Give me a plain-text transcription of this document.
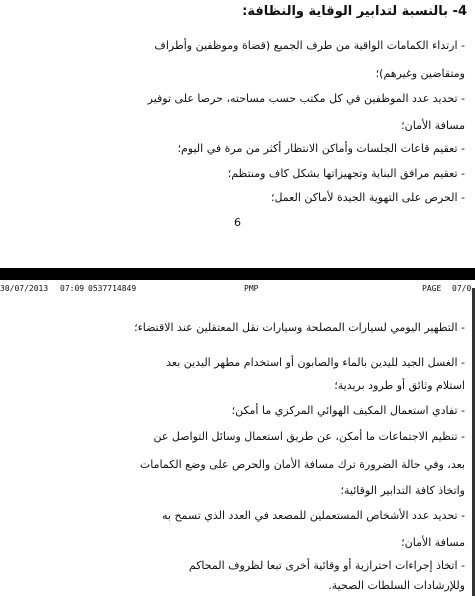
4- بالنسبة لتدابير الوقاية والنظافة:
- ارتداء الكمامات الواقية من طرف الجميع (قضاة وموظفين وأطراف
ومتقاضين وغيرهم)؛
- تحديد عدد الموظفين في كل مكتب حسب مساحته، حرصا على توفير
مسافة الأمان؛
- تعقيم قاعات الجلسات وأماكن الانتظار أكثر من مرة في اليوم؛
- تعقيم مرافق البناية وتجهيزاتها بشكل كاف ومنتظم؛
- الحرص على التهوية الجيدة لأماكن العمل؛
6
30/07/2013 07:09 0537714849	PMP	PAGE 07/0
- التطهير اليومي لسيارات المصلحة وسيارات نقل المعتقلين عند الاقتضاء؛
- الغسل الجيد لليدين بالماء والصابون أو استخدام مطهر اليدين بعد
استلام وثائق أو طرود بريدية؛
- تفادي استعمال المكيف الهوائي المركزي ما أمكن؛
- تنظيم الاجتماعات ما أمكن، عن طريق استعمال وسائل التواصل عن
بعد، وفي حالة الضرورة ترك مسافة الأمان والحرص على وضع الكمامات
واتخاذ كافة التدابير الوقائية؛
- تحديد عدد الأشخاص المستعملين للمصعد في العدد الذي تسمح به
مسافة الأمان؛
- اتخاذ إجراءات احترازية أو وقائية أخرى تبعا لظروف المحاكم
وللإرشادات السلطات الصحية.
